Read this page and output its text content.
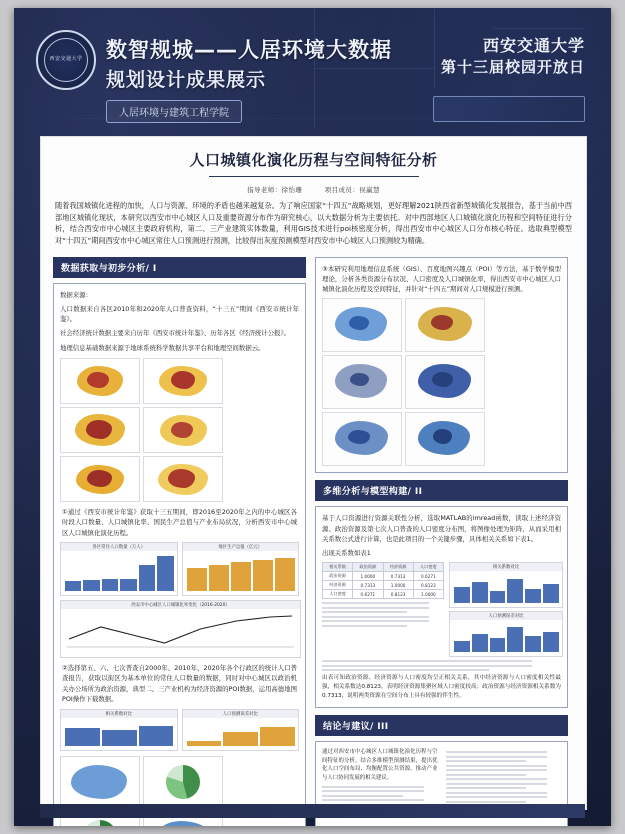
西安交通大学 数智规城——人居环境大数据
规划设计成果展示
人居环境与建筑工程学院
西安交通大学
第十三届校园开放日
人口城镇化演化历程与空间特征分析
指导老师：徐怡珊	项目成员：侯赢慧
随着我国城镇化进程的加快，人口与资源、环境的矛盾也越来越复杂。为了响应国家“十四五”战略规划，更好理解2021陕西省新型城镇化发展报告，基于当前中西部地区城镇化现状，本研究以西安市中心城区人口及重要资源分布作为研究核心，以大数据分析为主要依托。对中西部地区人口城镇化演化历程和空间特征进行分析，结合西安市中心城区主要政府机构，第二、三产业建筑实体数量，利用GIS技术进行poi核密度分析，得出西安市中心城区人口分布核心特征。选取典型模型对“十四五”期间西安市中心城区常住人口预测进行预测，比较得出灰度预测模型对西安市中心城区人口预测较为精确。
数据获取与初步分析/ I

数据来源：

人口数据来自各区2010年和2020年人口普查资料，“十三五”期间《西安市统计年鉴》。

社会经济统计数据主要来自历年《西安市统计年鉴》、历年各区《经济统计公报》。

地理信息基础数据来源于地球系统科学数据共享平台和地理空间数据云。

①通过《西安市统计年鉴》获取十三五期间，即2016至2020年之内的中心城区各时段人口数量、人口城镇化率、国民生产总值与产业布局状况，分析西安市中心城区人口城镇化演化历程。
各区常住人口数量（万人）	地区生产总值（亿元）
西安市中心城区人口城镇化率变化（2016-2020）
②选择第五、六、七次普查自2000年、2010年、2020年各个行政区的统计人口普查报告，获取以街区为基本单位的常住人口数量的数据，同时对中心城区以政治机关办公场所为政治资源，典型二、三产业机构为经济资源的POI数据，运用高德地图POI操作下载数据。
相关系数对比	人口预测误差对比

③本研究利用地理信息系统（GIS）、百度地图兴趣点（POI）等方法，基于数学模型理论，分析各类资源分布状况、人口密度及人口城镇化率，得出西安市中心城区人口城镇化演化历程及空间特征，并针对“十四五”期间对人口规模进行预测。

多维分析与模型构建/ II

基于人口资源进行资源关联性分析，选取MATLAB的imread函数，读取上述经济资源、政治资源及第七次人口普查的人口密度分布图，将图像处理为矩阵，从而采用相关系数公式进行计算，也是此项目的一个关键步骤，具体相关关系如下表1。

出现关系数如表1

相关系数	政治资源	经济资源	人口密度
政治资源	1.0000	0.7313	0.6271
经济资源	0.7313	1.0000	0.8123
人口密度	0.6271	0.8123	1.0000
相关系数对比
人口预测误差对比
由表可知政治资源、经济资源与人口密度均呈正相关关系，其中经济资源与人口密度相关性最强，相关系数达0.8123，表明经济资源集聚区域人口密度较高；政治资源与经济资源相关系数为0.7313，说明两类资源在空间分布上具有较强的伴生性。
结论与建议/ III
通过对西安市中心城区人口城镇化演化历程与空间特征的分析，结合多维模型预测结果，提出优化人口空间布局、均衡配置公共资源、推动产业与人口协同发展的相关建议。
